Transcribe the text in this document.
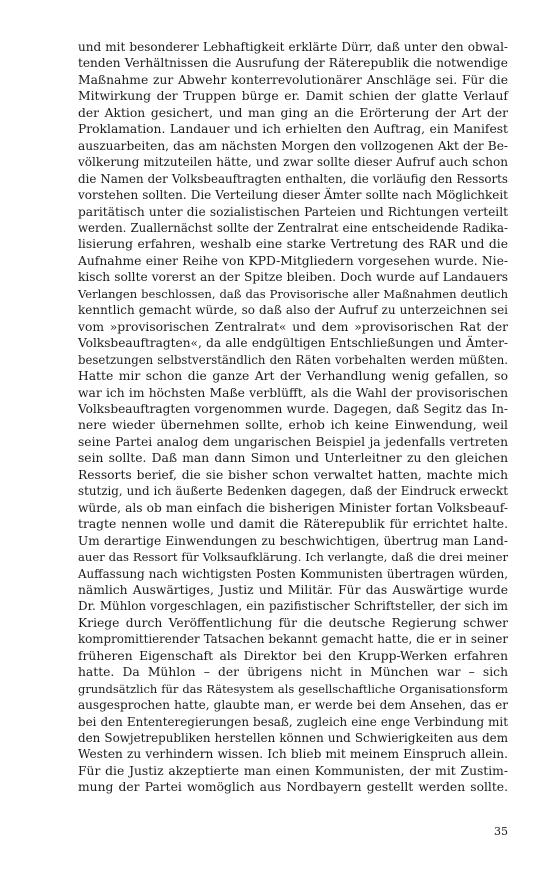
und mit besonderer Lebhaftigkeit erklärte Dürr, daß unter den obwal-
tenden Verhältnissen die Ausrufung der Räterepublik die notwendige
Maßnahme zur Abwehr konterrevolutionärer Anschläge sei. Für die
Mitwirkung der Truppen bürge er. Damit schien der glatte Verlauf
der Aktion gesichert, und man ging an die Erörterung der Art der
Proklamation. Landauer und ich erhielten den Auftrag, ein Manifest
auszuarbeiten, das am nächsten Morgen den vollzogenen Akt der Be-
völkerung mitzuteilen hätte, und zwar sollte dieser Aufruf auch schon
die Namen der Volksbeauftragten enthalten, die vorläufig den Ressorts
vorstehen sollten. Die Verteilung dieser Ämter sollte nach Möglichkeit
paritätisch unter die sozialistischen Parteien und Richtungen verteilt
werden. Zuallernächst sollte der Zentralrat eine entscheidende Radika-
lisierung erfahren, weshalb eine starke Vertretung des RAR und die
Aufnahme einer Reihe von KPD-Mitgliedern vorgesehen wurde. Nie-
kisch sollte vorerst an der Spitze bleiben. Doch wurde auf Landauers
Verlangen beschlossen, daß das Provisorische aller Maßnahmen deutlich
kenntlich gemacht würde, so daß also der Aufruf zu unterzeichnen sei
vom »provisorischen Zentralrat« und dem »provisorischen Rat der
Volksbeauftragten«, da alle endgültigen Entschließungen und Ämter-
besetzungen selbstverständlich den Räten vorbehalten werden müßten.
Hatte mir schon die ganze Art der Verhandlung wenig gefallen, so
war ich im höchsten Maße verblüfft, als die Wahl der provisorischen
Volksbeauftragten vorgenommen wurde. Dagegen, daß Segitz das In-
nere wieder übernehmen sollte, erhob ich keine Einwendung, weil
seine Partei analog dem ungarischen Beispiel ja jedenfalls vertreten
sein sollte. Daß man dann Simon und Unterleitner zu den gleichen
Ressorts berief, die sie bisher schon verwaltet hatten, machte mich
stutzig, und ich äußerte Bedenken dagegen, daß der Eindruck erweckt
würde, als ob man einfach die bisherigen Minister fortan Volksbeauf-
tragte nennen wolle und damit die Räterepublik für errichtet halte.
Um derartige Einwendungen zu beschwichtigen, übertrug man Land-
auer das Ressort für Volksaufklärung. Ich verlangte, daß die drei meiner
Auffassung nach wichtigsten Posten Kommunisten übertragen würden,
nämlich Auswärtiges, Justiz und Militär. Für das Auswärtige wurde
Dr. Mühlon vorgeschlagen, ein pazifistischer Schriftsteller, der sich im
Kriege durch Veröffentlichung für die deutsche Regierung schwer
kompromittierender Tatsachen bekannt gemacht hatte, die er in seiner
früheren Eigenschaft als Direktor bei den Krupp-Werken erfahren
hatte. Da Mühlon – der übrigens nicht in München war – sich
grundsätzlich für das Rätesystem als gesellschaftliche Organisationsform
ausgesprochen hatte, glaubte man, er werde bei dem Ansehen, das er
bei den Ententeregierungen besaß, zugleich eine enge Verbindung mit
den Sowjetrepubliken herstellen können und Schwierigkeiten aus dem
Westen zu verhindern wissen. Ich blieb mit meinem Einspruch allein.
Für die Justiz akzeptierte man einen Kommunisten, der mit Zustim-
mung der Partei womöglich aus Nordbayern gestellt werden sollte.
35
